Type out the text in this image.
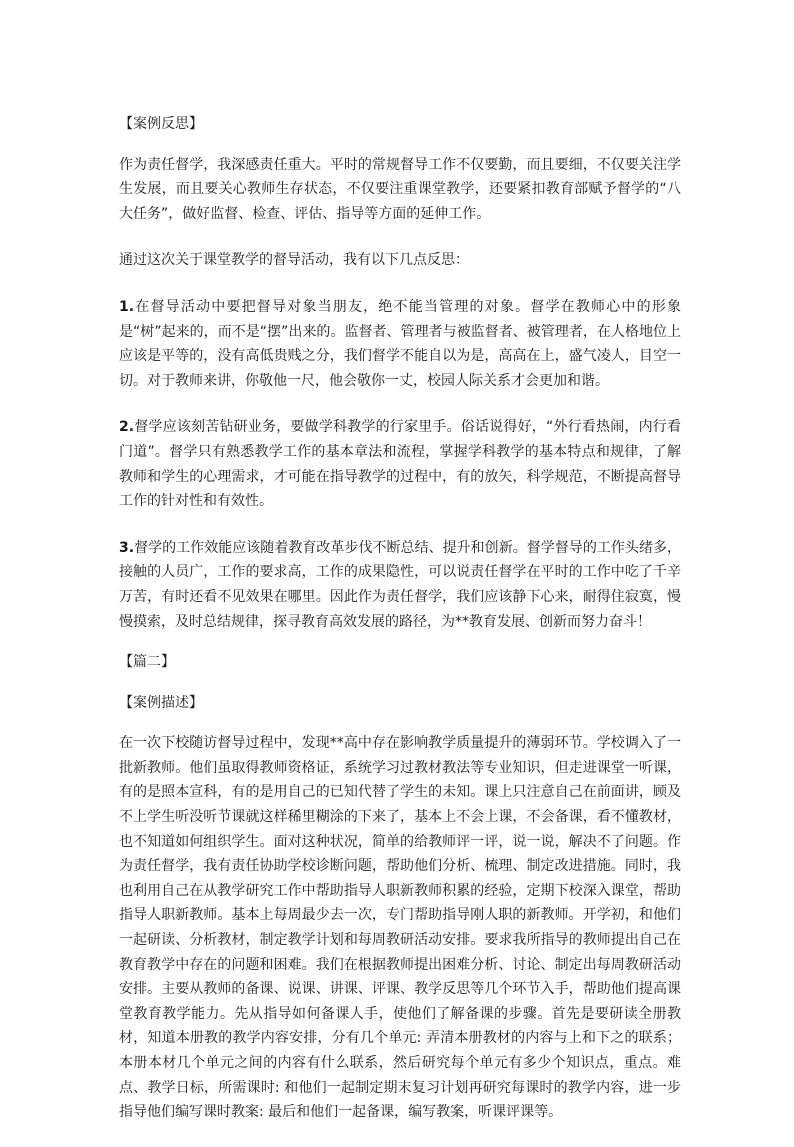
【案例反思】

作为责任督学，我深感责任重大。平时的常规督导工作不仅要勤，而且要细，不仅要关注学生发展，而且要关心教师生存状态，不仅要注重课堂教学，还要紧扣教育部赋予督学的“八大任务”，做好监督、检查、评估、指导等方面的延伸工作。

通过这次关于课堂教学的督导活动，我有以下几点反思：

1.在督导活动中要把督导对象当朋友，绝不能当管理的对象。督学在教师心中的形象是“树”起来的，而不是“摆”出来的。监督者、管理者与被监督者、被管理者，在人格地位上应该是平等的，没有高低贵贱之分，我们督学不能自以为是，高高在上，盛气凌人，目空一切。对于教师来讲，你敬他一尺，他会敬你一丈，校园人际关系才会更加和谐。

2.督学应该刻苦钻研业务，要做学科教学的行家里手。俗话说得好，“外行看热闹，内行看门道”。督学只有熟悉教学工作的基本章法和流程，掌握学科教学的基本特点和规律，了解教师和学生的心理需求，才可能在指导教学的过程中，有的放矢，科学规范，不断提高督导工作的针对性和有效性。

3.督学的工作效能应该随着教育改革步伐不断总结、提升和创新。督学督导的工作头绪多，接触的人员广，工作的要求高，工作的成果隐性，可以说责任督学在平时的工作中吃了千辛万苦，有时还看不见效果在哪里。因此作为责任督学，我们应该静下心来，耐得住寂寞，慢慢摸索，及时总结规律，探寻教育高效发展的路径，为**教育发展、创新而努力奋斗！

【篇二】

【案例描述】

在一次下校随访督导过程中，发现**高中存在影响教学质量提升的薄弱环节。学校调入了一批新教师。他们虽取得教师资格证，系统学习过教材教法等专业知识，但走进课堂一听课，有的是照本宣科，有的是用自己的已知代替了学生的未知。课上只注意自己在前面讲，顾及不上学生听没听节课就这样稀里糊涂的下来了，基本上不会上课，不会备课，看不懂教材，也不知道如何组织学生。面对这种状况，简单的给教师评一评，说一说，解决不了问题。作为责任督学，我有责任协助学校诊断问题，帮助他们分析、梳理、制定改进措施。同时，我也利用自己在从教学研究工作中帮助指导人职新教师积累的经验，定期下校深入课堂，帮助指导人职新教师。基本上每周最少去一次，专门帮助指导刚人职的新教师。开学初，和他们一起研读、分析教材，制定教学计划和每周教研活动安排。要求我所指导的教师提出自己在教育教学中存在的问题和困难。我们在根据教师提出困难分析、讨论、制定出每周教研活动安排。主要从教师的备课、说课、讲课、评课、教学反思等几个环节入手，帮助他们提高课堂教育教学能力。先从指导如何备课人手，使他们了解备课的步骤。首先是要研读全册教材，知道本册教的教学内容安排，分有几个单元: 弄清本册教材的内容与上和下之的联系；本册本材几个单元之间的内容有什么联系，然后研究每个单元有多少个知识点，重点。难点、教学日标，所需课时: 和他们一起制定期末复习计划再研究每课时的教学内容，进一步指导他们编写课时教案: 最后和他们一起备课，编写教案，听课评课等。
